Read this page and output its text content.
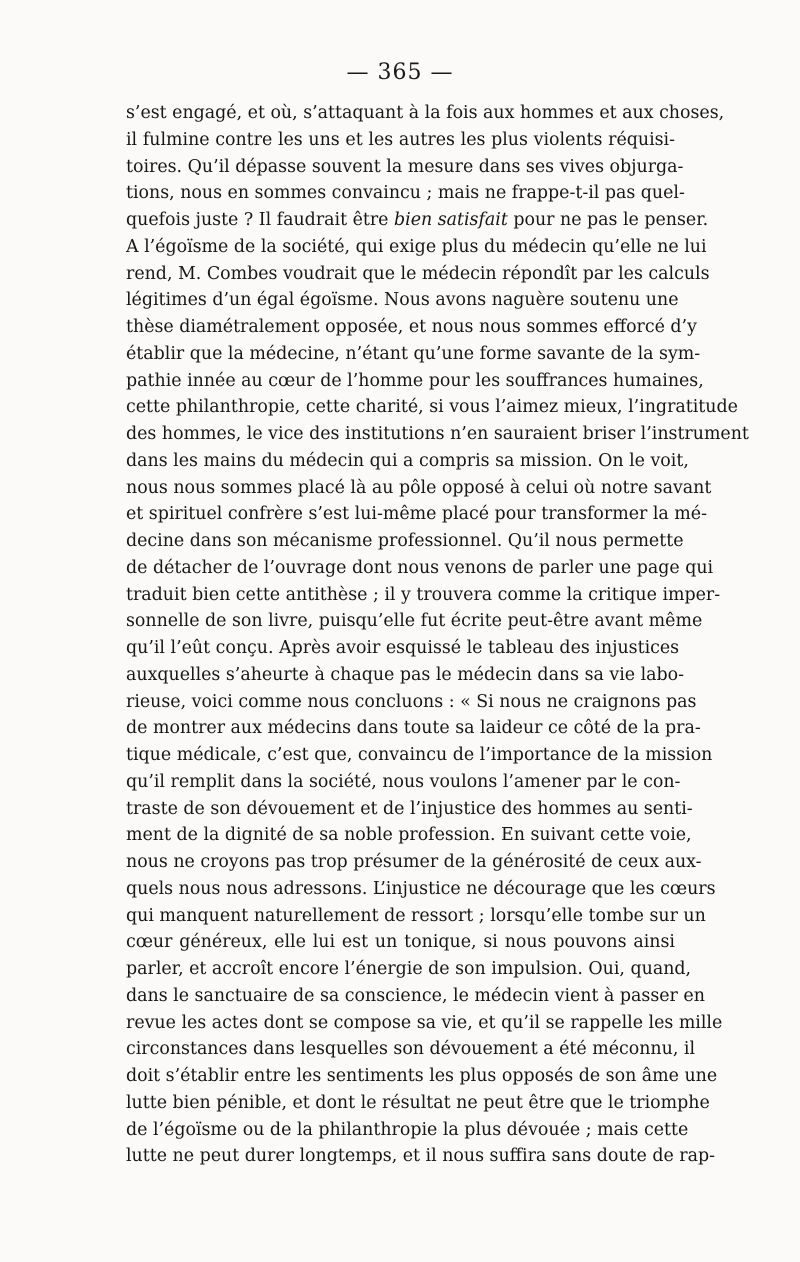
— 365 —
s’est engagé, et où, s’attaquant à la fois aux hommes et aux choses,
il fulmine contre les uns et les autres les plus violents réquisi-
toires. Qu’il dépasse souvent la mesure dans ses vives objurga-
tions, nous en sommes convaincu ; mais ne frappe-t-il pas quel-
quefois juste ? Il faudrait être bien satisfait pour ne pas le penser.
A l’égoïsme de la société, qui exige plus du médecin qu’elle ne lui
rend, M. Combes voudrait que le médecin répondît par les calculs
légitimes d’un égal égoïsme. Nous avons naguère soutenu une
thèse diamétralement opposée, et nous nous sommes efforcé d’y
établir que la médecine, n’étant qu’une forme savante de la sym-
pathie innée au cœur de l’homme pour les souffrances humaines,
cette philanthropie, cette charité, si vous l’aimez mieux, l’ingratitude
des hommes, le vice des institutions n’en sauraient briser l’instrument
dans les mains du médecin qui a compris sa mission. On le voit,
nous nous sommes placé là au pôle opposé à celui où notre savant
et spirituel confrère s’est lui-même placé pour transformer la mé-
decine dans son mécanisme professionnel. Qu’il nous permette
de détacher de l’ouvrage dont nous venons de parler une page qui
traduit bien cette antithèse ; il y trouvera comme la critique imper-
sonnelle de son livre, puisqu’elle fut écrite peut-être avant même
qu’il l’eût conçu. Après avoir esquissé le tableau des injustices
auxquelles s’aheurte à chaque pas le médecin dans sa vie labo-
rieuse, voici comme nous concluons : « Si nous ne craignons pas
de montrer aux médecins dans toute sa laideur ce côté de la pra-
tique médicale, c’est que, convaincu de l’importance de la mission
qu’il remplit dans la société, nous voulons l’amener par le con-
traste de son dévouement et de l’injustice des hommes au senti-
ment de la dignité de sa noble profession. En suivant cette voie,
nous ne croyons pas trop présumer de la générosité de ceux aux-
quels nous nous adressons. L’injustice ne décourage que les cœurs
qui manquent naturellement de ressort ; lorsqu’elle tombe sur un
cœur généreux, elle lui est un tonique, si nous pouvons ainsi
parler, et accroît encore l’énergie de son impulsion. Oui, quand,
dans le sanctuaire de sa conscience, le médecin vient à passer en
revue les actes dont se compose sa vie, et qu’il se rappelle les mille
circonstances dans lesquelles son dévouement a été méconnu, il
doit s’établir entre les sentiments les plus opposés de son âme une
lutte bien pénible, et dont le résultat ne peut être que le triomphe
de l’égoïsme ou de la philanthropie la plus dévouée ; mais cette
lutte ne peut durer longtemps, et il nous suffira sans doute de rap-
